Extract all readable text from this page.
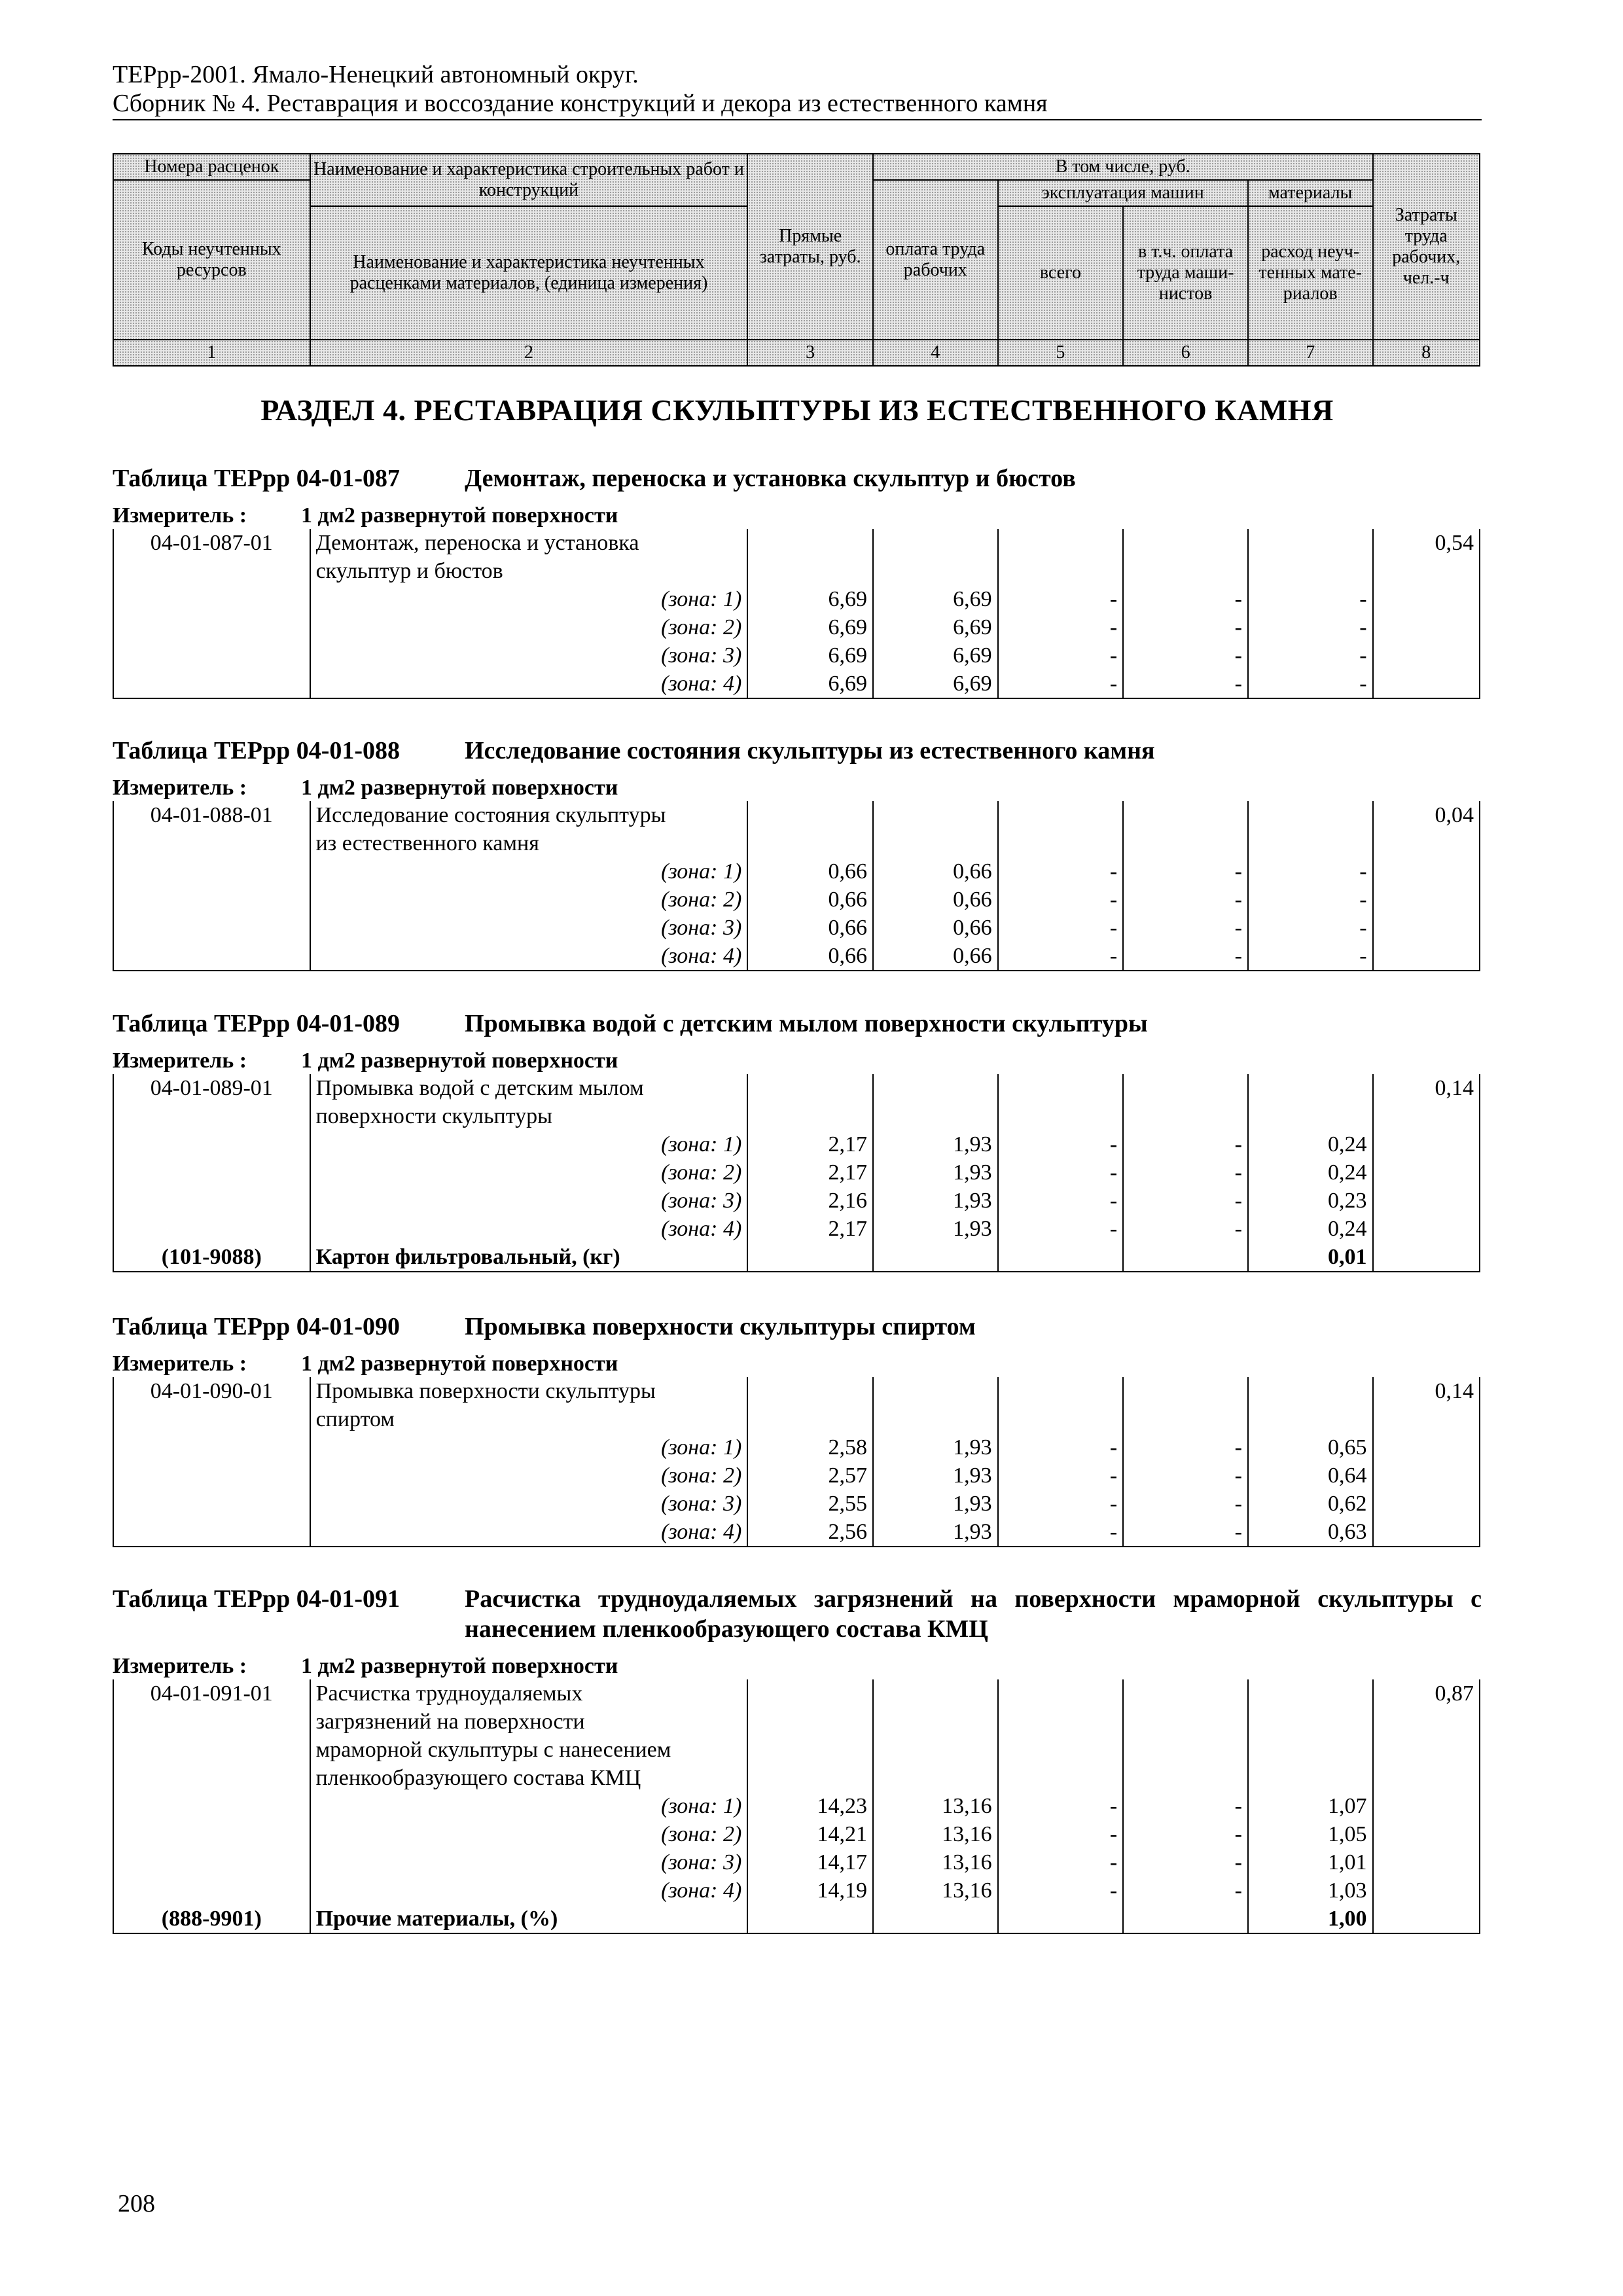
ТЕРрр-2001. Ямало-Ненецкий автономный округ.
Сборник № 4. Реставрация и воссоздание конструкций и декора из естественного камня
Номера расценок	Наименование и характеристика строительных работ и конструкций	Прямые затраты, руб.	В том числе, руб.				Затраты труда рабочих, чел.-ч
Коды неучтенных ресурсов			оплата труда рабочих	эксплуатация машин		материалы	
	Наименование и характеристика неучтенных расценками материалов, (единица измерения)			всего	в т.ч. оплата труда маши-нистов	расход неуч-тенных мате-риалов	
1	2	3	4	5	6	7	8
РАЗДЕЛ 4. РЕСТАВРАЦИЯ СКУЛЬПТУРЫ ИЗ ЕСТЕСТВЕННОГО КАМНЯ
Таблица ТЕРрр 04-01-087	Демонтаж, переноска и установка скульптур и бюстов
Измеритель :	1 дм2 развернутой поверхности
04-01-087-01	Демонтаж, переноска и установка						0,54
	скульптур и бюстов						
	(зона: 1)	6,69	6,69	-	-	-	
	(зона: 2)	6,69	6,69	-	-	-	
	(зона: 3)	6,69	6,69	-	-	-	
	(зона: 4)	6,69	6,69	-	-	-	
Таблица ТЕРрр 04-01-088	Исследование состояния скульптуры из естественного камня
Измеритель :	1 дм2 развернутой поверхности
04-01-088-01	Исследование состояния скульптуры						0,04
	из естественного камня						
	(зона: 1)	0,66	0,66	-	-	-	
	(зона: 2)	0,66	0,66	-	-	-	
	(зона: 3)	0,66	0,66	-	-	-	
	(зона: 4)	0,66	0,66	-	-	-	
Таблица ТЕРрр 04-01-089	Промывка водой с детским мылом поверхности скульптуры
Измеритель :	1 дм2 развернутой поверхности
04-01-089-01	Промывка водой с детским мылом						0,14
	поверхности скульптуры						
	(зона: 1)	2,17	1,93	-	-	0,24	
	(зона: 2)	2,17	1,93	-	-	0,24	
	(зона: 3)	2,16	1,93	-	-	0,23	
	(зона: 4)	2,17	1,93	-	-	0,24	
(101-9088)	Картон фильтровальный, (кг)					0,01	
Таблица ТЕРрр 04-01-090	Промывка поверхности скульптуры спиртом
Измеритель :	1 дм2 развернутой поверхности
04-01-090-01	Промывка поверхности скульптуры						0,14
	спиртом						
	(зона: 1)	2,58	1,93	-	-	0,65	
	(зона: 2)	2,57	1,93	-	-	0,64	
	(зона: 3)	2,55	1,93	-	-	0,62	
	(зона: 4)	2,56	1,93	-	-	0,63	
Таблица ТЕРрр 04-01-091	Расчистка трудноудаляемых загрязнений на поверхности мраморной скульптуры с нанесением пленкообразующего состава КМЦ
Измеритель :	1 дм2 развернутой поверхности
04-01-091-01	Расчистка трудноудаляемых						0,87
	загрязнений на поверхности						
	мраморной скульптуры с нанесением						
	пленкообразующего состава КМЦ						
	(зона: 1)	14,23	13,16	-	-	1,07	
	(зона: 2)	14,21	13,16	-	-	1,05	
	(зона: 3)	14,17	13,16	-	-	1,01	
	(зона: 4)	14,19	13,16	-	-	1,03	
(888-9901)	Прочие материалы, (%)					1,00	
208
